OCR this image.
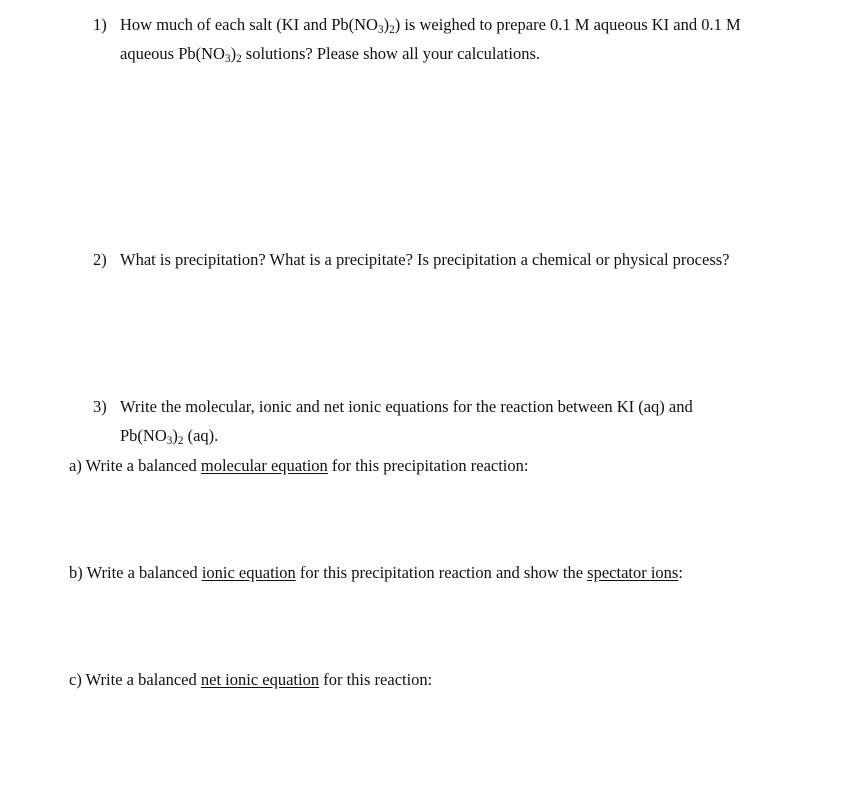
1) How much of each salt (KI and $Pb(NO_3)_2$) is weighed to prepare 0.1 M aqueous KI and 0.1 M
aqueous $Pb(NO_3)_2$ solutions? Please show all your calculations.
2) What is precipitation? What is a precipitate? Is precipitation a chemical or physical process?
3) Write the molecular, ionic and net ionic equations for the reaction between KI (aq) and
$Pb(NO_3)_2$ (aq).
a) Write a balanced molecular equation for this precipitation reaction:
b) Write a balanced ionic equation for this precipitation reaction and show the spectator ions:
c) Write a balanced net ionic equation for this reaction:
